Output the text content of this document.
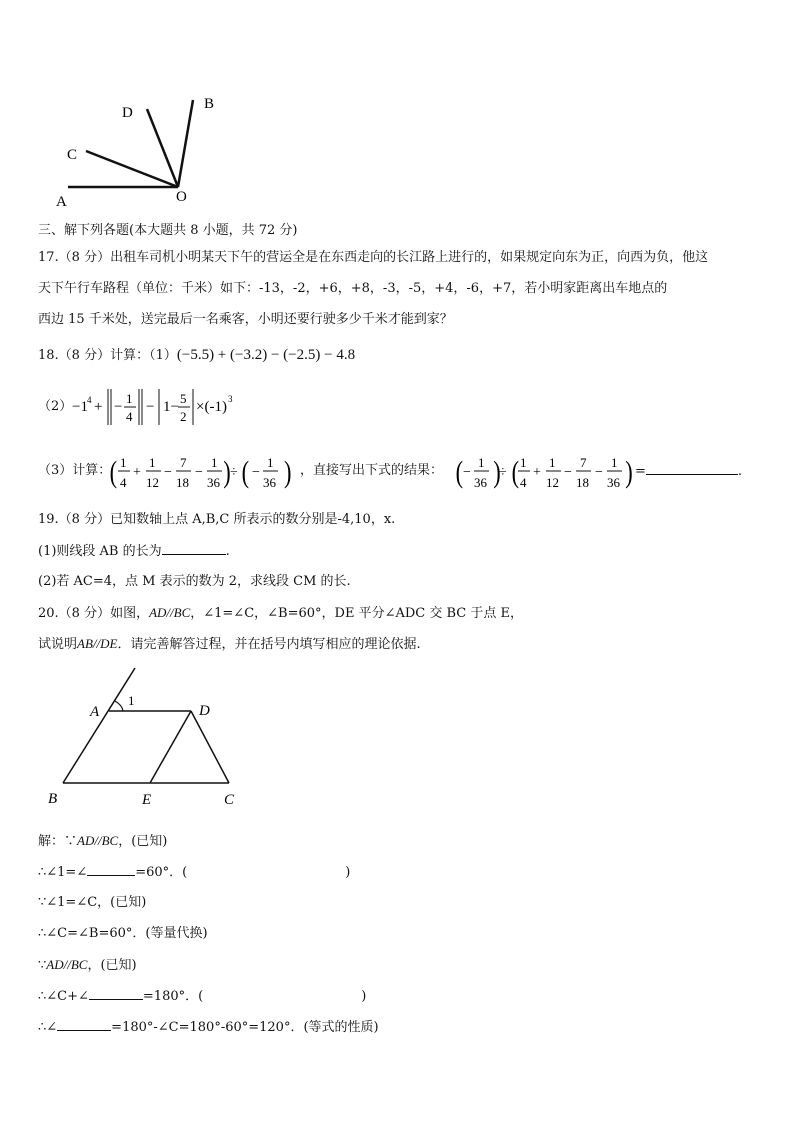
A
C
D
B
O
三、解下列各题(本大题共 8 小题，共 72 分)
17.（8 分）出租车司机小明某天下午的营运全是在东西走向的长江路上进行的，如果规定向东为正，向西为负，他这
天下午行车路程（单位：千米）如下：-13，-2，+6，+8，-3，-5，+4，-6，+7，若小明家距离出车地点的
西边 15 千米处，送完最后一名乘客，小明还要行驶多少千米才能到家？
18.（8 分）计算：（1）(−5.5) + (−3.2) − (−2.5) − 4.8
（2） −1 4 + −
1
4
− 1−
5
2
×(-1) 3
（3）计算：
( 1
4
+
1
12
−
7
18
−
1
36 ) ÷ ( −
1
36 ) ，直接写出下式的结果： ( −
1
36 )
÷ ( 1
4
+
1
12
−
7
18
−
1
36 ) =	.
19.（8 分）已知数轴上点 A,B,C 所表示的数分别是-4,10，x.
(1)则线段 AB 的长为	.
(2)若 AC=4，点 M 表示的数为 2，求线段 CM 的长.
20.（8 分）如图，AD//BC，∠1=∠C，∠B=60°，DE 平分∠ADC 交 BC 于点 E，
试说明AB//DE．请完善解答过程，并在括号内填写相应的理论依据.
A	D
B	E	C
1
解：∵AD//BC，(已知)
∴∠1=∠	=60°．(	)
∵∠1=∠C，(已知)
∴∠C=∠B=60°．(等量代换)
∵AD//BC，(已知)
∴∠C+∠	=180°．(	)
∴∠	=180°-∠C=180°-60°=120°．(等式的性质)
